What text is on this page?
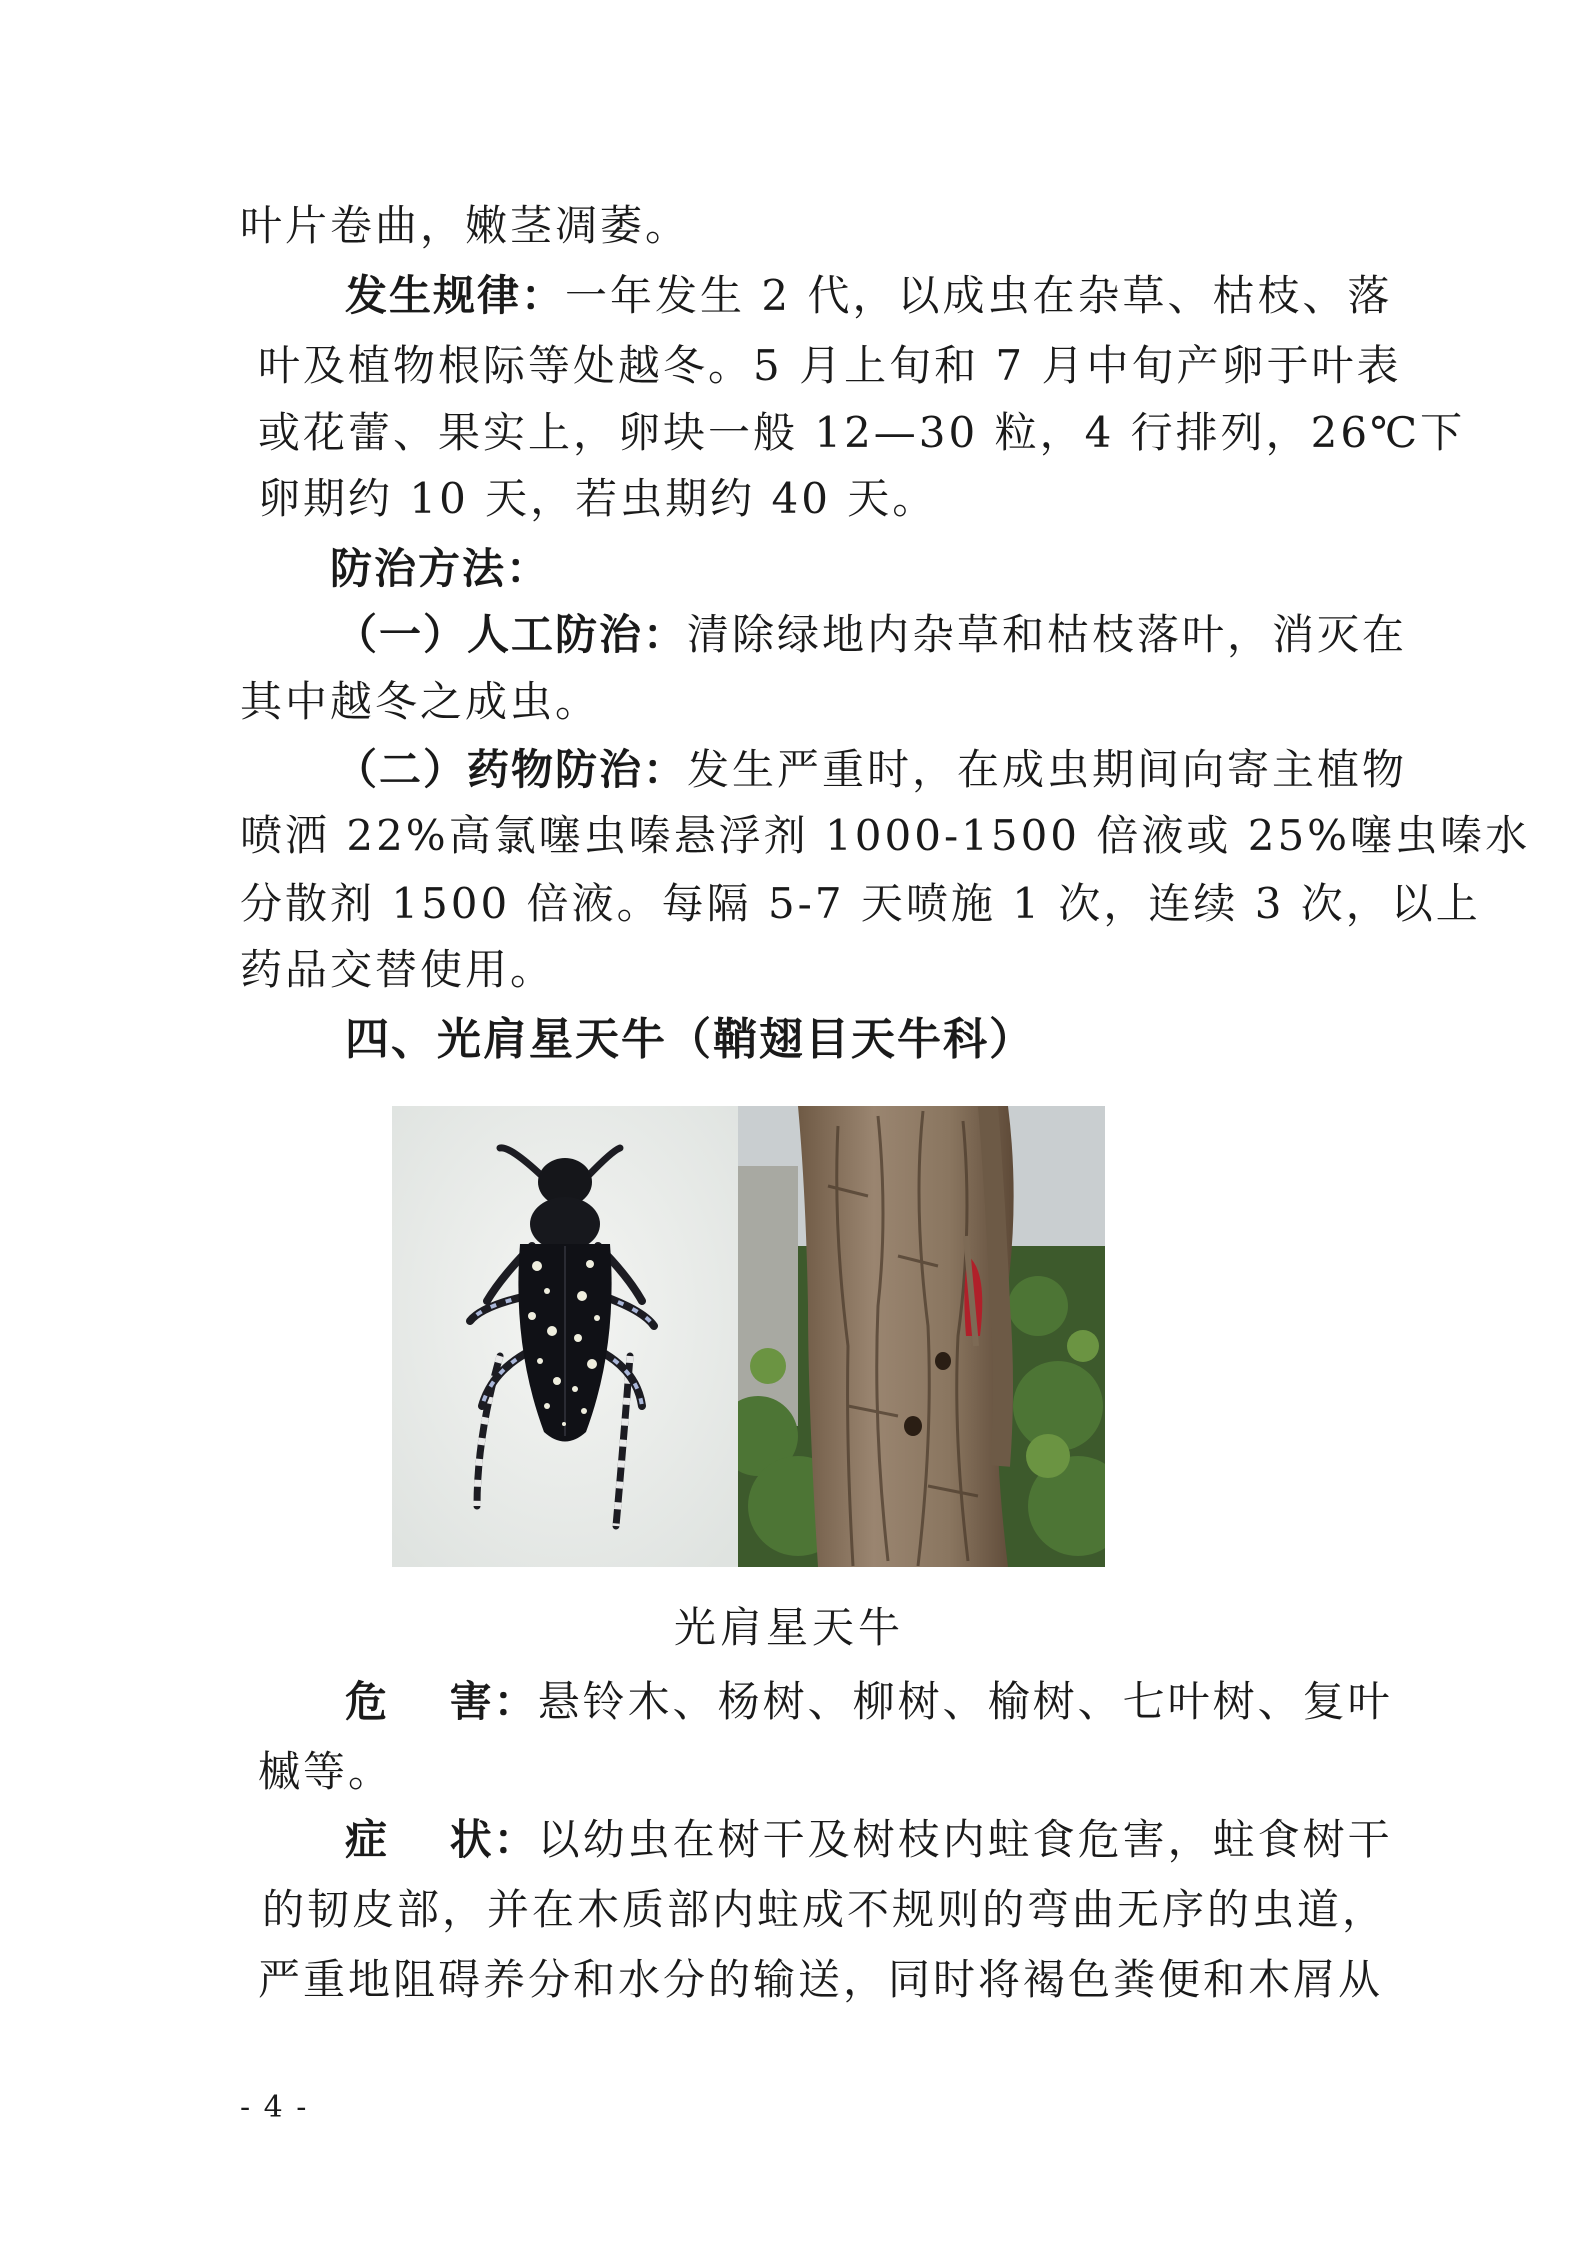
叶片卷曲，嫩茎凋萎。
发生规律：一年发生 2 代，以成虫在杂草、枯枝、落
叶及植物根际等处越冬。5 月上旬和 7 月中旬产卵于叶表
或花蕾、果实上，卵块一般 12—30 粒，4 行排列，26℃下
卵期约 10 天，若虫期约 40 天。
防治方法：
（一）人工防治：清除绿地内杂草和枯枝落叶，消灭在
其中越冬之成虫。
（二）药物防治：发生严重时，在成虫期间向寄主植物
喷洒 22%高氯噻虫嗪悬浮剂 1000-1500 倍液或 25%噻虫嗪水
分散剂 1500 倍液。每隔 5-7 天喷施 1 次，连续 3 次，以上
药品交替使用。
四、光肩星天牛（鞘翅目天牛科）
光肩星天牛
危　 害：悬铃木、杨树、柳树、榆树、七叶树、复叶
槭等。
症　 状：以幼虫在树干及树枝内蛀食危害，蛀食树干
的韧皮部，并在木质部内蛀成不规则的弯曲无序的虫道，
严重地阻碍养分和水分的输送，同时将褐色粪便和木屑从
- 4 -
